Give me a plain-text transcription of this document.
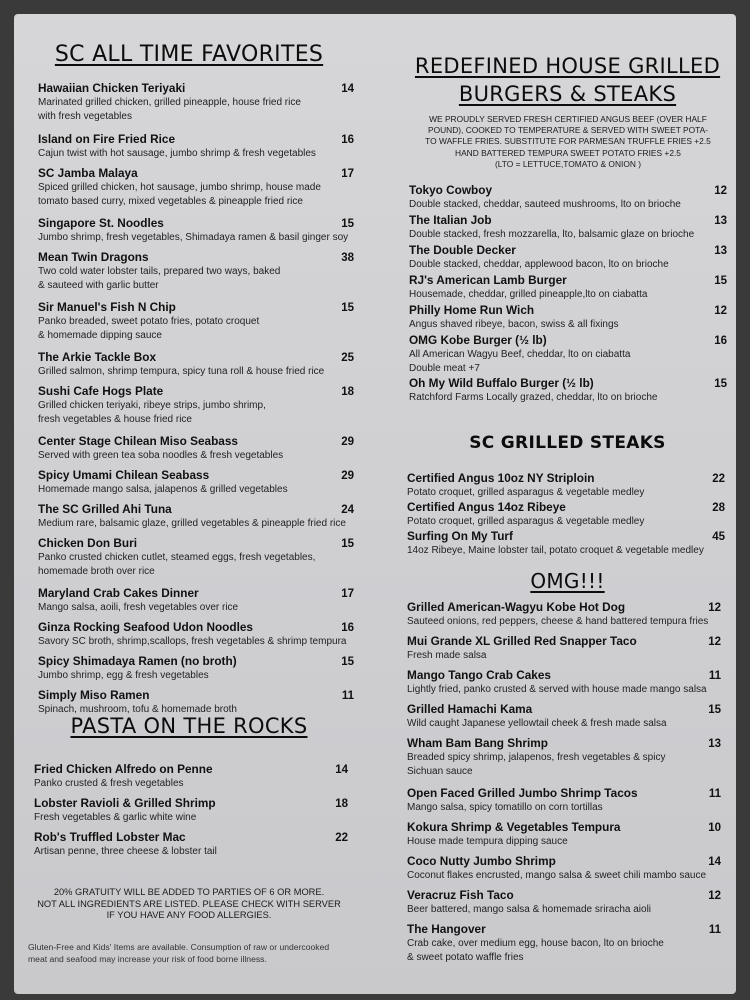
SC ALL TIME FAVORITES
Hawaiian Chicken Teriyaki	14
Marinated grilled chicken, grilled pineapple, house fried rice
with fresh vegetables
Island on Fire Fried Rice	16
Cajun twist with hot sausage, jumbo shrimp & fresh vegetables
SC Jamba Malaya	17
Spiced grilled chicken, hot sausage, jumbo shrimp, house made
tomato based curry, mixed vegetables & pineapple fried rice
Singapore St. Noodles	15
Jumbo shrimp, fresh vegetables, Shimadaya ramen & basil ginger soy
Mean Twin Dragons	38
Two cold water lobster tails, prepared two ways, baked
& sauteed with garlic butter
Sir Manuel's Fish N Chip	15
Panko breaded, sweet potato fries, potato croquet
& homemade dipping sauce
The Arkie Tackle Box	25
Grilled salmon, shrimp tempura, spicy tuna roll & house fried rice
Sushi Cafe Hogs Plate	18
Grilled chicken teriyaki, ribeye strips, jumbo shrimp,
fresh vegetables & house fried rice
Center Stage Chilean Miso Seabass	29
Served with green tea soba noodles & fresh vegetables
Spicy Umami Chilean Seabass	29
Homemade mango salsa, jalapenos & grilled vegetables
The SC Grilled Ahi Tuna	24
Medium rare, balsamic glaze, grilled vegetables & pineapple fried rice
Chicken Don Buri	15
Panko crusted chicken cutlet, steamed eggs, fresh vegetables,
homemade broth over rice
Maryland Crab Cakes Dinner	17
Mango salsa, aoili, fresh vegetables over rice
Ginza Rocking Seafood Udon Noodles	16
Savory SC broth, shrimp,scallops, fresh vegetables & shrimp tempura
Spicy Shimadaya Ramen (no broth)	15
Jumbo shrimp, egg & fresh vegetables
Simply Miso Ramen	11
Spinach, mushroom, tofu & homemade broth
PASTA ON THE ROCKS
Fried Chicken Alfredo on Penne	14
Panko crusted & fresh vegetables
Lobster Ravioli & Grilled Shrimp	18
Fresh vegetables & garlic white wine
Rob's Truffled Lobster Mac	22
Artisan penne, three cheese & lobster tail
20% GRATUITY WILL BE ADDED TO PARTIES OF 6 OR MORE.
NOT ALL INGREDIENTS ARE LISTED. PLEASE CHECK WITH SERVER
IF YOU HAVE ANY FOOD ALLERGIES.
Gluten-Free and Kids' Items are available. Consumption of raw or undercooked
meat and seafood may increase your risk of food borne illness.
REDEFINED HOUSE GRILLED
BURGERS & STEAKS
WE PROUDLY SERVED FRESH CERTIFIED ANGUS BEEF (OVER HALF
POUND), COOKED TO TEMPERATURE & SERVED WITH SWEET POTA-
TO WAFFLE FRIES. SUBSTITUTE FOR PARMESAN TRUFFLE FRIES +2.5
HAND BATTERED TEMPURA SWEET POTATO FRIES +2.5
(LTO = LETTUCE,TOMATO & ONION )
Tokyo Cowboy	12
Double stacked, cheddar, sauteed mushrooms, lto on brioche
The Italian Job	13
Double stacked, fresh mozzarella, lto, balsamic glaze on brioche
The Double Decker	13
Double stacked, cheddar, applewood bacon, lto on brioche
RJ's American Lamb Burger	15
Housemade, cheddar, grilled pineapple,lto on ciabatta
Philly Home Run Wich	12
Angus shaved ribeye, bacon, swiss & all fixings
OMG Kobe Burger (½ lb)	16
All American Wagyu Beef, cheddar, lto on ciabatta
Double meat +7
Oh My Wild Buffalo Burger (½ lb)	15
Ratchford Farms Locally grazed, cheddar, lto on brioche
SC GRILLED STEAKS
Certified Angus 10oz NY Striploin	22
Potato croquet, grilled asparagus & vegetable medley
Certified Angus 14oz Ribeye	28
Potato croquet, grilled asparagus & vegetable medley
Surfing On My Turf	45
14oz Ribeye, Maine lobster tail, potato croquet & vegetable medley
OMG!!!
Grilled American-Wagyu Kobe Hot Dog	12
Sauteed onions, red peppers, cheese & hand battered tempura fries
Mui Grande XL Grilled Red Snapper Taco	12
Fresh made salsa
Mango Tango Crab Cakes	11
Lightly fried, panko crusted & served with house made mango salsa
Grilled Hamachi Kama	15
Wild caught Japanese yellowtail cheek & fresh made salsa
Wham Bam Bang Shrimp	13
Breaded spicy shrimp, jalapenos, fresh vegetables & spicy
Sichuan sauce
Open Faced Grilled Jumbo Shrimp Tacos	11
Mango salsa, spicy tomatillo on corn tortillas
Kokura Shrimp & Vegetables Tempura	10
House made tempura dipping sauce
Coco Nutty Jumbo Shrimp	14
Coconut flakes encrusted, mango salsa & sweet chili mambo sauce
Veracruz Fish Taco	12
Beer battered, mango salsa & homemade sriracha aioli
The Hangover	11
Crab cake, over medium egg, house bacon, lto on brioche
& sweet potato waffle fries
